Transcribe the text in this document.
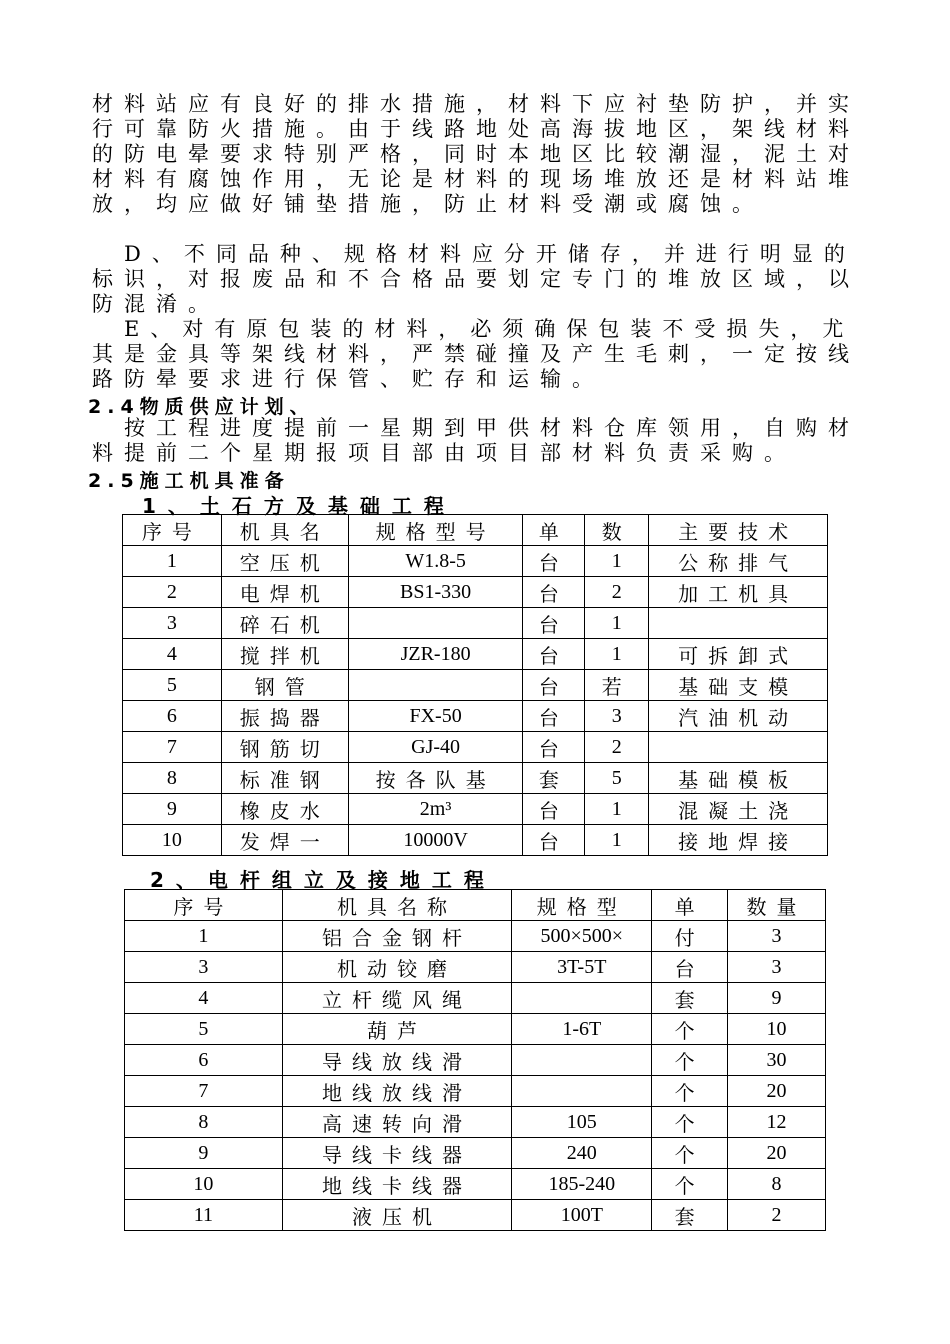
材料站应有良好的排水措施，材料下应衬垫防护，并实行可靠防火措施。由于线路地处高海拔地区，架线材料的防电晕要求特别严格，同时本地区比较潮湿，泥土对材料有腐蚀作用，无论是材料的现场堆放还是材料站堆放，均应做好铺垫措施，防止材料受潮或腐蚀。
　D、不同品种、规格材料应分开储存，并进行明显的标识，对报废品和不合格品要划定专门的堆放区域，以防混淆。
　E、对有原包装的材料，必须确保包装不受损失，尤其是金具等架线材料，严禁碰撞及产生毛刺，一定按线路防晕要求进行保管、贮存和运输。
2.4物质供应计划、
　按工程进度提前一星期到甲供材料仓库领用，自购材料提前二个星期报项目部由项目部材料负责采购。
2.5施工机具准备
1、土石方及基础工程
序号	机具名	规格型号	单	数	主要技术
1	空压机	W1.8-5	台	1	公称排气
2	电焊机	BS1-330	台	2	加工机具
3	碎石机		台	1	
4	搅拌机	JZR-180	台	1	可拆卸式
5	钢管		台	若	基础支模
6	振捣器	FX-50	台	3	汽油机动
7	钢筋切	GJ-40	台	2	
8	标准钢	按各队基	套	5	基础模板
9	橡皮水	2m³	台	1	混凝土浇
10	发焊一	10000V	台	1	接地焊接
2、电杆组立及接地工程
序号	机具名称	规格型	单	数量
1	铝合金钢杆	500×500×	付	3
3	机动铰磨	3T-5T	台	3
4	立杆缆风绳		套	9
5	葫芦	1-6T	个	10
6	导线放线滑		个	30
7	地线放线滑		个	20
8	高速转向滑	105	个	12
9	导线卡线器	240	个	20
10	地线卡线器	185-240	个	8
11	液压机	100T	套	2
